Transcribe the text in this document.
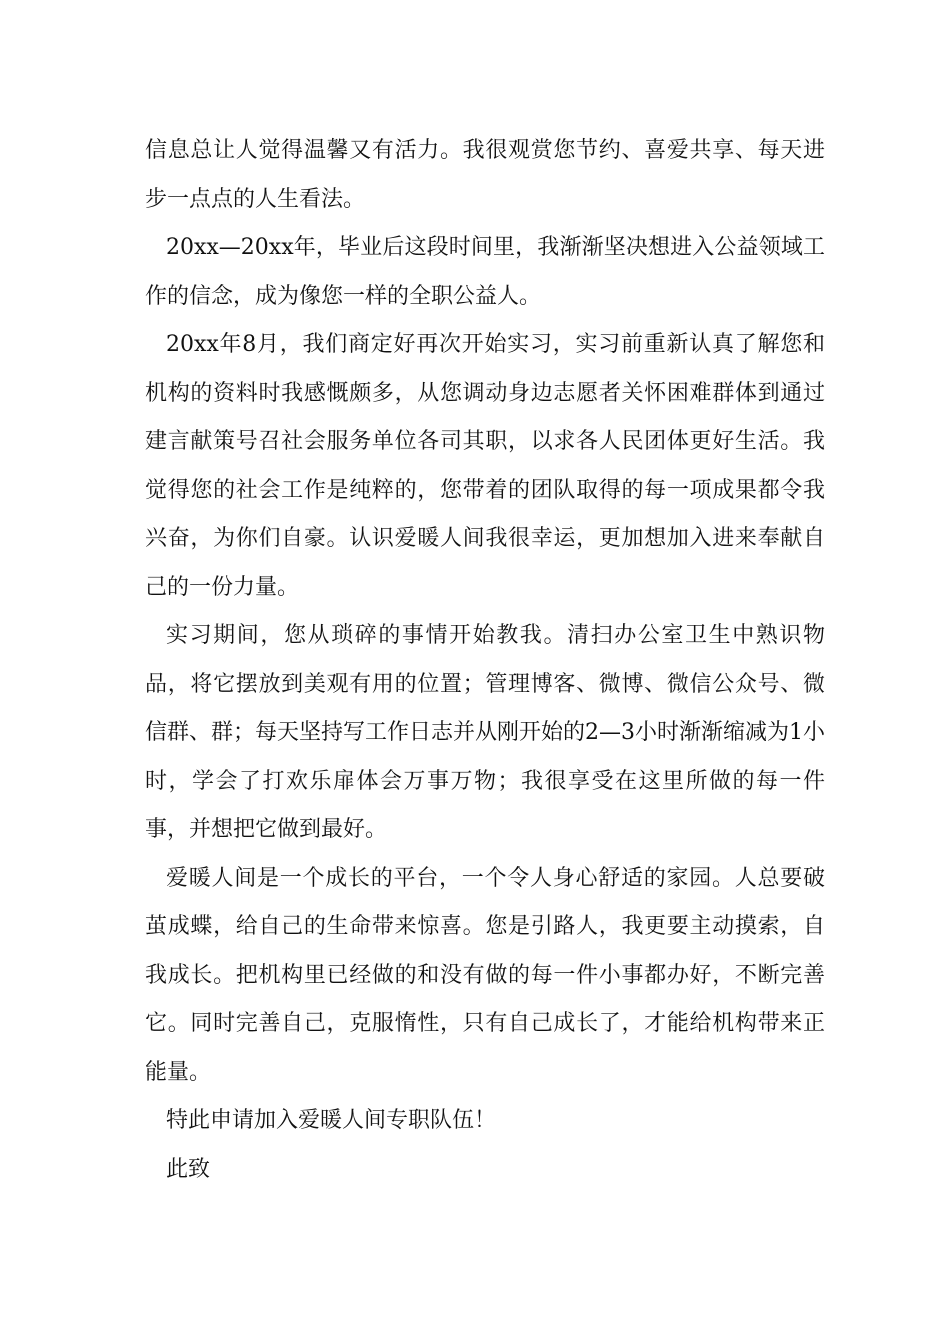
信息总让人觉得温馨又有活力。我很观赏您节约、喜爱共享、每天进步一点点的人生看法。

20xx—20xx年，毕业后这段时间里，我渐渐坚决想进入公益领域工作的信念，成为像您一样的全职公益人。

20xx年8月，我们商定好再次开始实习，实习前重新认真了解您和机构的资料时我感慨颇多，从您调动身边志愿者关怀困难群体到通过建言献策号召社会服务单位各司其职，以求各人民团体更好生活。我觉得您的社会工作是纯粹的，您带着的团队取得的每一项成果都令我兴奋，为你们自豪。认识爱暖人间我很幸运，更加想加入进来奉献自己的一份力量。

实习期间，您从琐碎的事情开始教我。清扫办公室卫生中熟识物品，将它摆放到美观有用的位置；管理博客、微博、微信公众号、微信群、群；每天坚持写工作日志并从刚开始的2—3小时渐渐缩减为1小时，学会了打欢乐扉体会万事万物；我很享受在这里所做的每一件事，并想把它做到最好。

爱暖人间是一个成长的平台，一个令人身心舒适的家园。人总要破茧成蝶，给自己的生命带来惊喜。您是引路人，我更要主动摸索，自我成长。把机构里已经做的和没有做的每一件小事都办好，不断完善它。同时完善自己，克服惰性，只有自己成长了，才能给机构带来正能量。

特此申请加入爱暖人间专职队伍！

此致
